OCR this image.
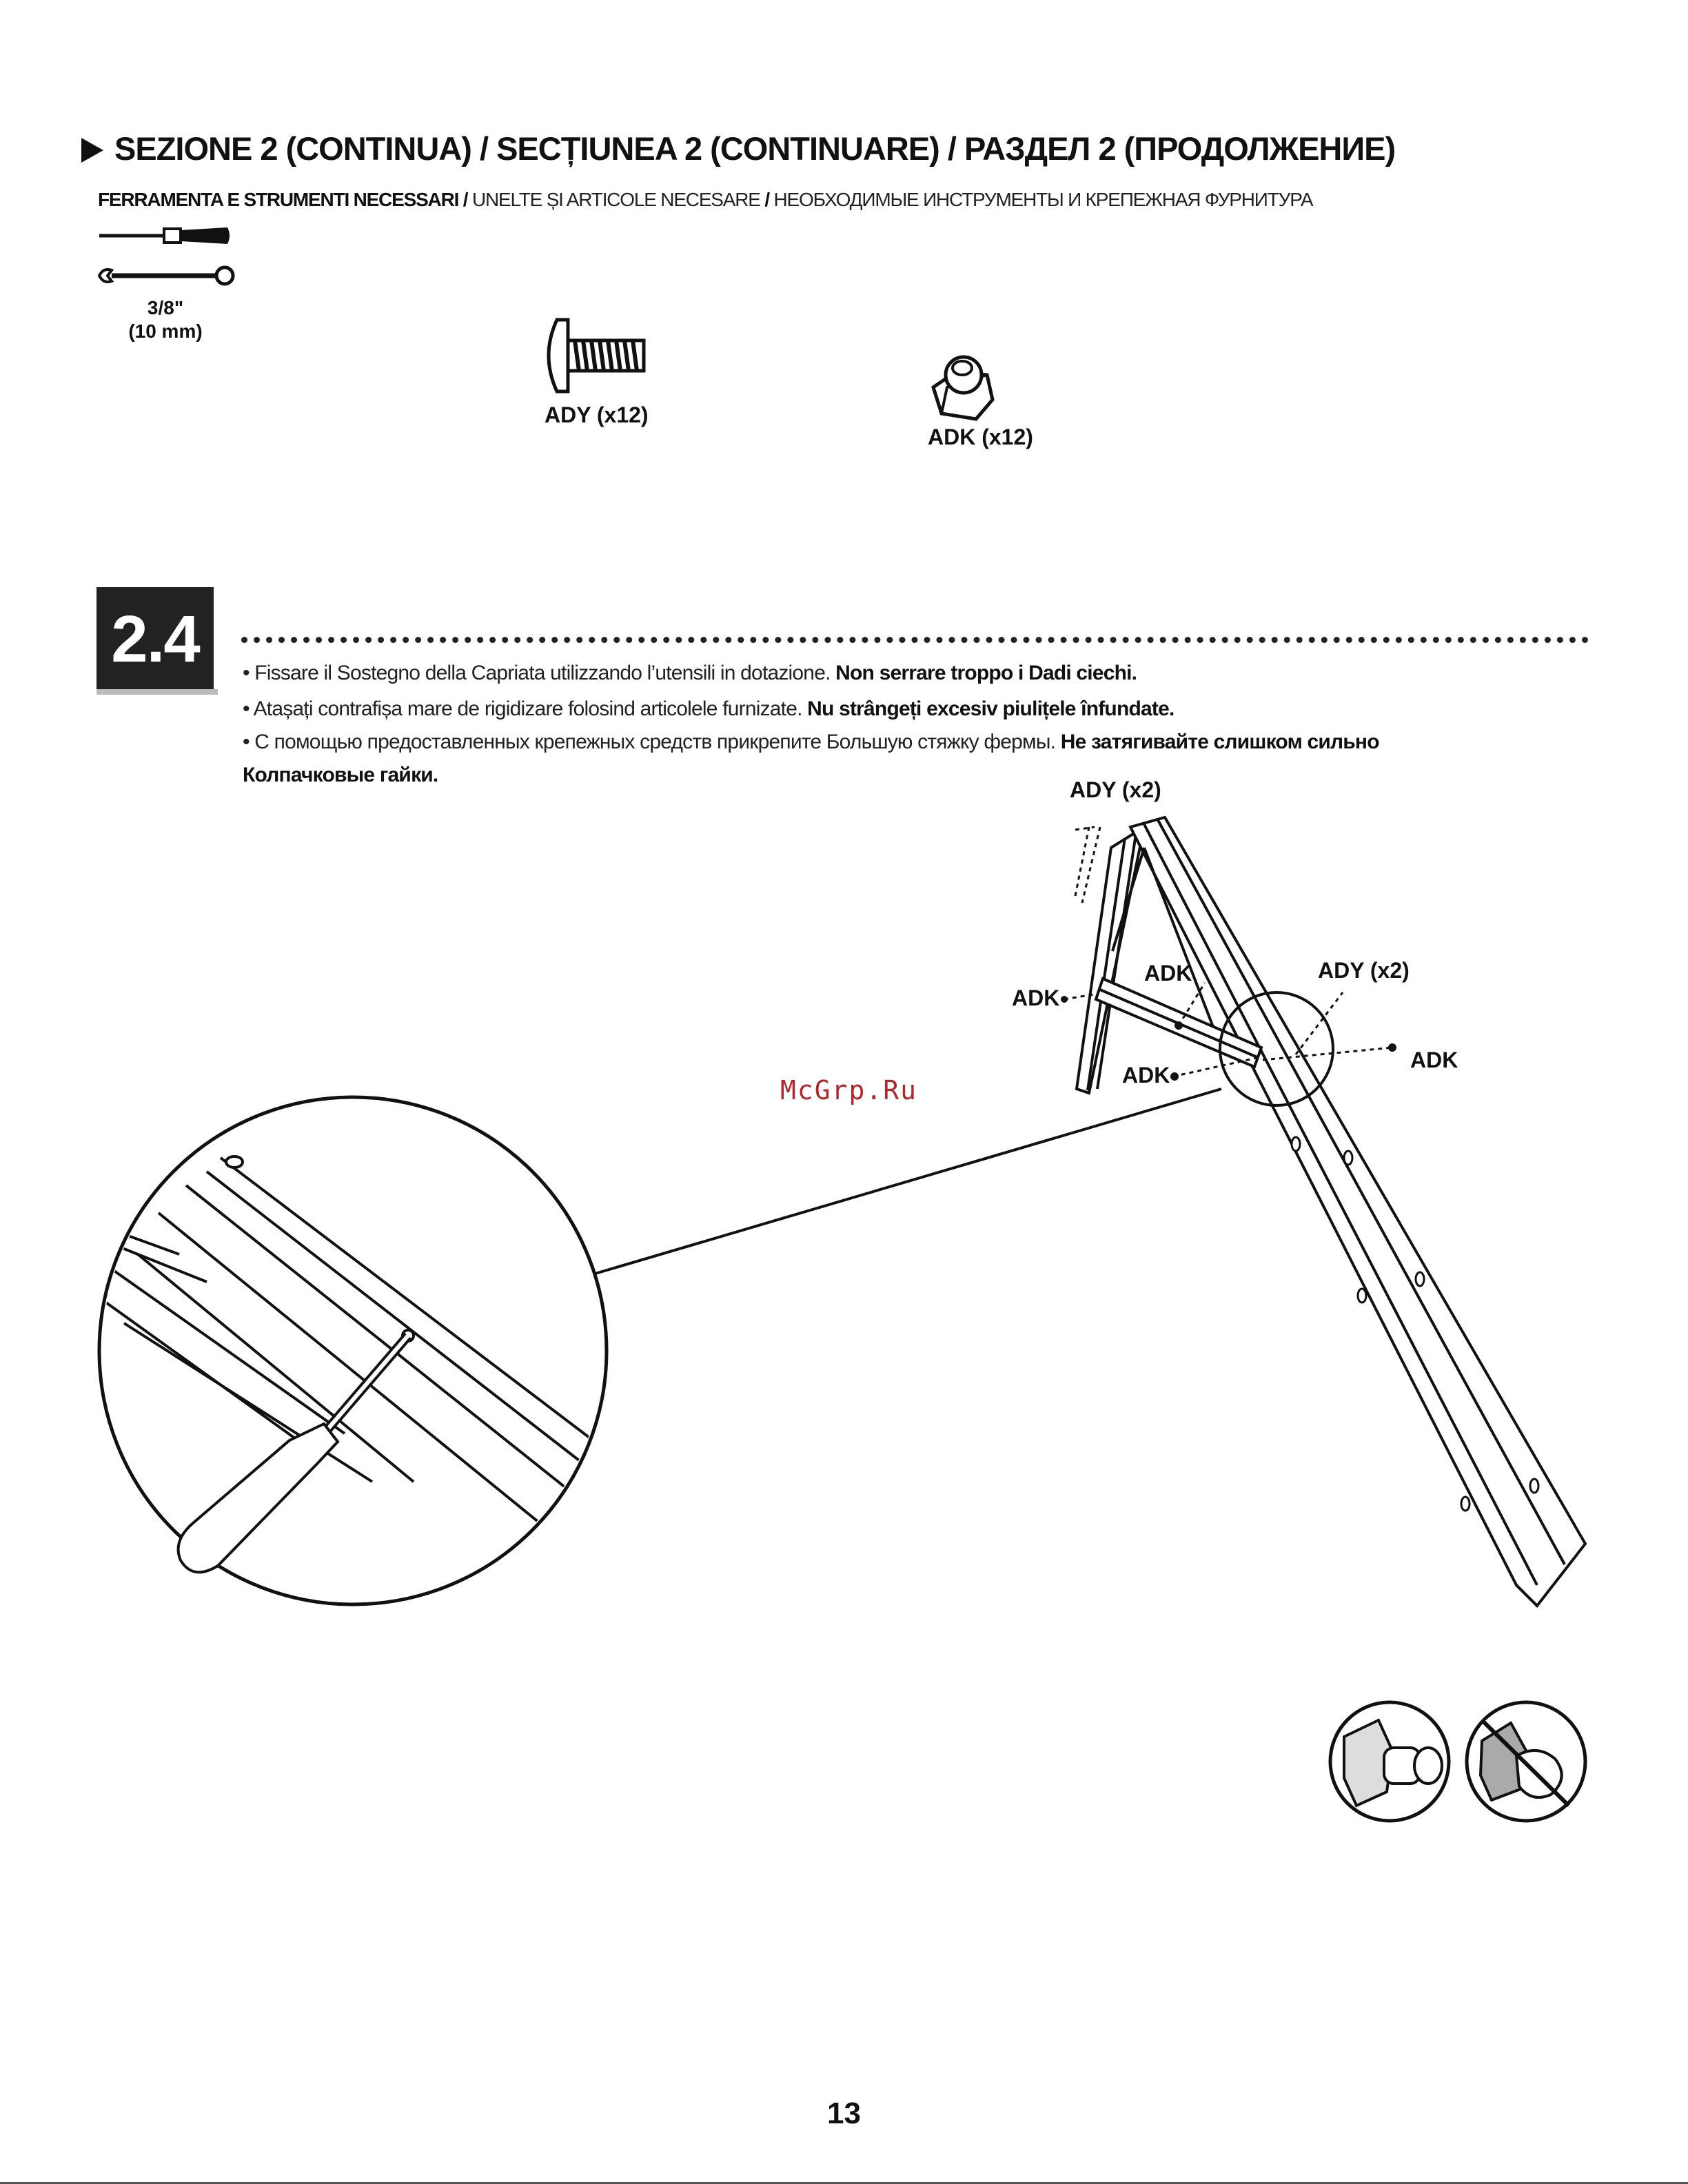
SEZIONE 2 (CONTINUA) / SECȚIUNEA 2 (CONTINUARE) / РАЗДЕЛ 2 (ПРОДОЛЖЕНИЕ)
FERRAMENTA E STRUMENTI NECESSARI / UNELTE ȘI ARTICOLE NECESARE / НЕОБХОДИМЫЕ ИНСТРУМЕНТЫ И КРЕПЕЖНАЯ ФУРНИТУРА
3/8"
(10 mm)
ADY (x12)
ADK (x12)
2.4 • Fissare il Sostegno della Capriata utilizzando l’utensili in dotazione. Non serrare troppo i Dadi ciechi.
• Atașați contrafișa mare de rigidizare folosind articolele furnizate. Nu strângeți excesiv piulițele înfundate.
• С помощью предоставленных крепежных средств прикрепите Большую стяжку фермы. Не затягивайте слишком сильно
Колпачковые гайки.
ADY (x2)
ADY (x2)
ADK
ADK
ADK
ADK
McGrp.Ru
13
